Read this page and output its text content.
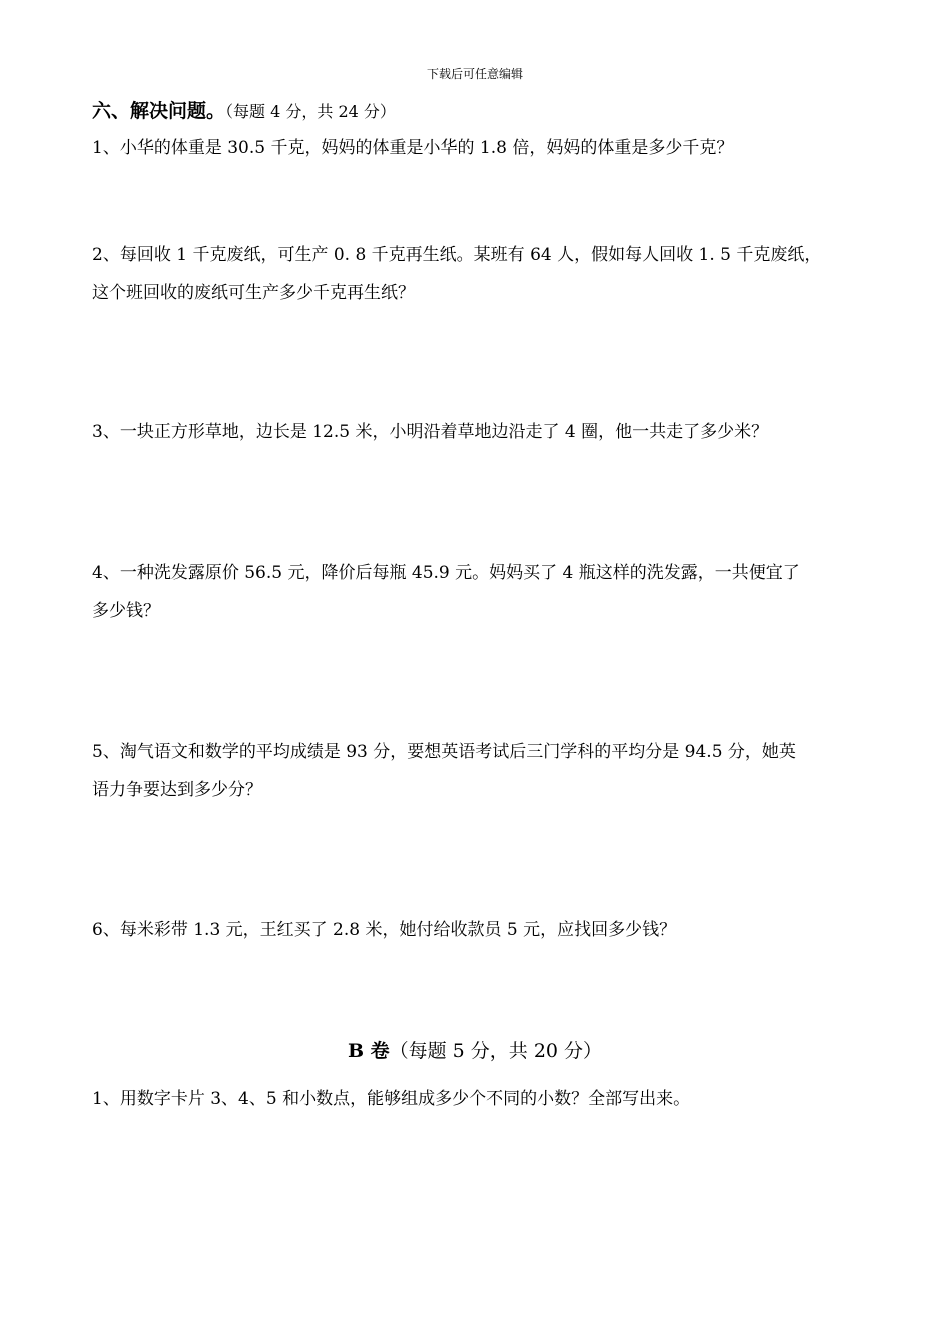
下载后可任意编辑
六、解决问题。（每题 4 分，共 24 分）
1、小华的体重是 30.5 千克，妈妈的体重是小华的 1.8 倍，妈妈的体重是多少千克？
2、每回收 1 千克废纸，可生产 0. 8 千克再生纸。某班有 64 人，假如每人回收 1. 5 千克废纸，
这个班回收的废纸可生产多少千克再生纸？
3、一块正方形草地，边长是 12.5 米，小明沿着草地边沿走了 4 圈，他一共走了多少米？
4、一种洗发露原价 56.5 元，降价后每瓶 45.9 元。妈妈买了 4 瓶这样的洗发露，一共便宜了
多少钱？
5、淘气语文和数学的平均成绩是 93 分，要想英语考试后三门学科的平均分是 94.5 分，她英
语力争要达到多少分？
6、每米彩带 1.3 元，王红买了 2.8 米，她付给收款员 5 元，应找回多少钱？
B 卷（每题 5 分，共 20 分）
1、用数字卡片 3、4、5 和小数点，能够组成多少个不同的小数？全部写出来。
